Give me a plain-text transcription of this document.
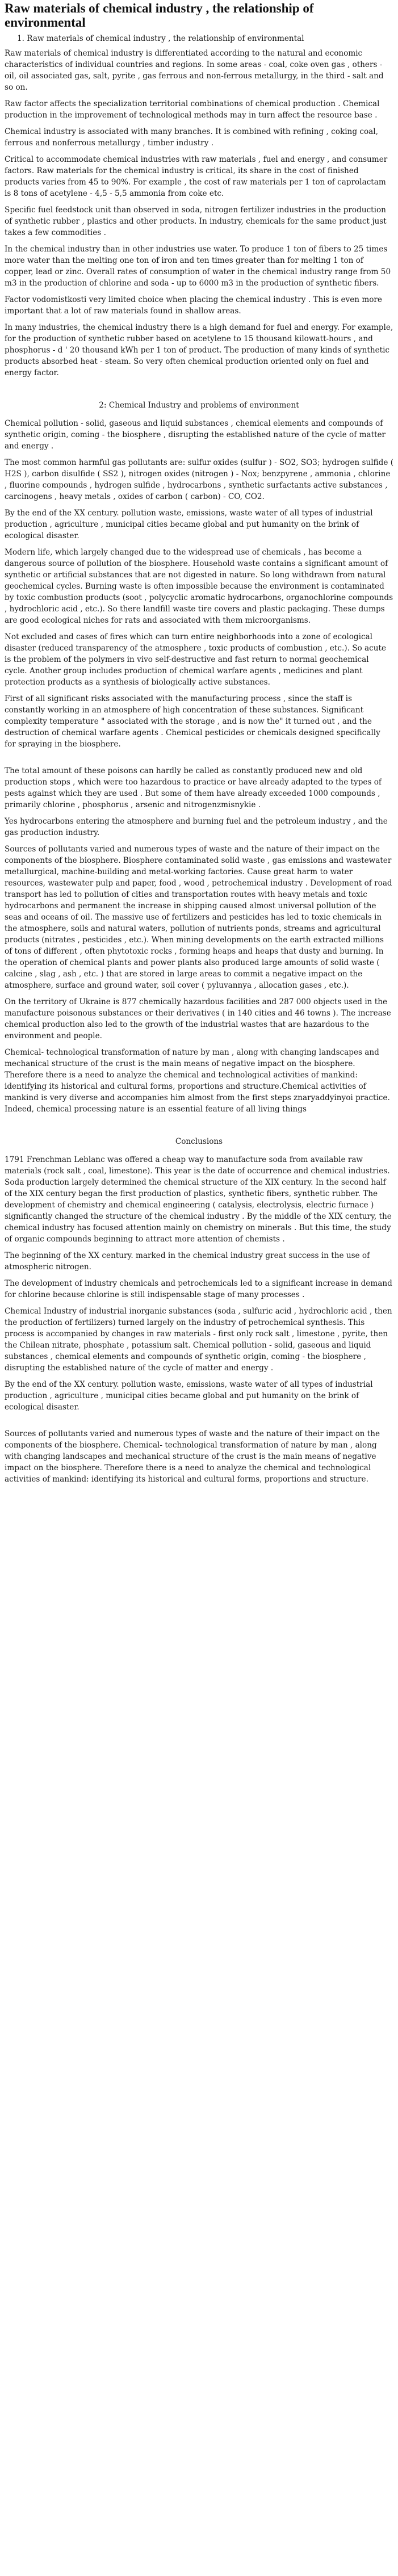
Raw materials of chemical industry , the relationship of environmental
1. Raw materials of chemical industry , the relationship of environmental

Raw materials of chemical industry is differentiated according to the natural and economic characteristics of individual countries and regions. In some areas - coal, coke oven gas , others - oil, oil associated gas, salt, pyrite , gas ferrous and non-ferrous metallurgy, in the third - salt and so on.

Raw factor affects the specialization territorial combinations of chemical production . Chemical production in the improvement of technological methods may in turn affect the resource base .

Chemical industry is associated with many branches. It is combined with refining , coking coal, ferrous and nonferrous metallurgy , timber industry .

Critical to accommodate chemical industries with raw materials , fuel and energy , and consumer factors. Raw materials for the chemical industry is critical, its share in the cost of finished products varies from 45 to 90%. For example , the cost of raw materials per 1 ton of caprolactam is 8 tons of acetylene - 4,5 - 5,5 ammonia from coke etc.

Specific fuel feedstock unit than observed in soda, nitrogen fertilizer industries in the production of synthetic rubber , plastics and other products. In industry, chemicals for the same product just takes a few commodities .

In the chemical industry than in other industries use water. To produce 1 ton of fibers to 25 times more water than the melting one ton of iron and ten times greater than for melting 1 ton of copper, lead or zinc. Overall rates of consumption of water in the chemical industry range from 50 m3 in the production of chlorine and soda - up to 6000 m3 in the production of synthetic fibers.

Factor vodomistkosti very limited choice when placing the chemical industry . This is even more important that a lot of raw materials found in shallow areas.

In many industries, the chemical industry there is a high demand for fuel and energy. For example, for the production of synthetic rubber based on acetylene to 15 thousand kilowatt-hours , and phosphorus - d ' 20 thousand kWh per 1 ton of product. The production of many kinds of synthetic products absorbed heat - steam. So very often chemical production oriented only on fuel and energy factor.

2: Chemical Industry and problems of environment

Chemical pollution - solid, gaseous and liquid substances , chemical elements and compounds of synthetic origin, coming - the biosphere , disrupting the established nature of the cycle of matter and energy .

The most common harmful gas pollutants are: sulfur oxides (sulfur ) - SO2, SO3; hydrogen sulfide ( H2S ), carbon disulfide ( SS2 ), nitrogen oxides (nitrogen ) - Nox; benzpyrene , ammonia , chlorine , fluorine compounds , hydrogen sulfide , hydrocarbons , synthetic surfactants active substances , carcinogens , heavy metals , oxides of carbon ( carbon) - CO, CO2.

By the end of the XX century. pollution waste, emissions, waste water of all types of industrial production , agriculture , municipal cities became global and put humanity on the brink of ecological disaster.

Modern life, which largely changed due to the widespread use of chemicals , has become a dangerous source of pollution of the biosphere. Household waste contains a significant amount of synthetic or artificial substances that are not digested in nature. So long withdrawn from natural geochemical cycles. Burning waste is often impossible because the environment is contaminated by toxic combustion products (soot , polycyclic aromatic hydrocarbons, organochlorine compounds , hydrochloric acid , etc.). So there landfill waste tire covers and plastic packaging. These dumps are good ecological niches for rats and associated with them microorganisms.

Not excluded and cases of fires which can turn entire neighborhoods into a zone of ecological disaster (reduced transparency of the atmosphere , toxic products of combustion , etc.). So acute is the problem of the polymers in vivo self-destructive and fast return to normal geochemical cycle. Another group includes production of chemical warfare agents , medicines and plant protection products as a synthesis of biologically active substances.

First of all significant risks associated with the manufacturing process , since the staff is constantly working in an atmosphere of high concentration of these substances. Significant complexity temperature " associated with the storage , and is now the" it turned out , and the destruction of chemical warfare agents . Chemical pesticides or chemicals designed specifically for spraying in the biosphere.

The total amount of these poisons can hardly be called as constantly produced new and old production stops , which were too hazardous to practice or have already adapted to the types of pests against which they are used . But some of them have already exceeded 1000 compounds , primarily chlorine , phosphorus , arsenic and nitrogenzmisnykie .

Yes hydrocarbons entering the atmosphere and burning fuel and the petroleum industry , and the gas production industry.

Sources of pollutants varied and numerous types of waste and the nature of their impact on the components of the biosphere. Biosphere contaminated solid waste , gas emissions and wastewater metallurgical, machine-building and metal-working factories. Cause great harm to water resources, wastewater pulp and paper, food , wood , petrochemical industry . Development of road transport has led to pollution of cities and transportation routes with heavy metals and toxic hydrocarbons and permanent the increase in shipping caused almost universal pollution of the seas and oceans of oil. The massive use of fertilizers and pesticides has led to toxic chemicals in the atmosphere, soils and natural waters, pollution of nutrients ponds, streams and agricultural products (nitrates , pesticides , etc.). When mining developments on the earth extracted millions of tons of different , often phytotoxic rocks , forming heaps and heaps that dusty and burning. In the operation of chemical plants and power plants also produced large amounts of solid waste ( calcine , slag , ash , etc. ) that are stored in large areas to commit a negative impact on the atmosphere, surface and ground water, soil cover ( pyluvannya , allocation gases , etc.).

On the territory of Ukraine is 877 chemically hazardous facilities and 287 000 objects used in the manufacture poisonous substances or their derivatives ( in 140 cities and 46 towns ). The increase chemical production also led to the growth of the industrial wastes that are hazardous to the environment and people.

Chemical- technological transformation of nature by man , along with changing landscapes and mechanical structure of the crust is the main means of negative impact on the biosphere. Therefore there is a need to analyze the chemical and technological activities of mankind: identifying its historical and cultural forms, proportions and structure.Chemical activities of mankind is very diverse and accompanies him almost from the first steps znaryaddyinyoi practice. Indeed, chemical processing nature is an essential feature of all living things

Conclusions

1791 Frenchman Leblanc was offered a cheap way to manufacture soda from available raw materials (rock salt , coal, limestone). This year is the date of occurrence and chemical industries. Soda production largely determined the chemical structure of the XIX century. In the second half of the XIX century began the first production of plastics, synthetic fibers, synthetic rubber. The development of chemistry and chemical engineering ( catalysis, electrolysis, electric furnace ) significantly changed the structure of the chemical industry . By the middle of the XIX century, the chemical industry has focused attention mainly on chemistry on minerals . But this time, the study of organic compounds beginning to attract more attention of chemists .

The beginning of the XX century. marked in the chemical industry great success in the use of atmospheric nitrogen.

The development of industry chemicals and petrochemicals led to a significant increase in demand for chlorine because chlorine is still indispensable stage of many processes .

Chemical Industry of industrial inorganic substances (soda , sulfuric acid , hydrochloric acid , then the production of fertilizers) turned largely on the industry of petrochemical synthesis. This process is accompanied by changes in raw materials - first only rock salt , limestone , pyrite, then the Chilean nitrate, phosphate , potassium salt. Chemical pollution - solid, gaseous and liquid substances , chemical elements and compounds of synthetic origin, coming - the biosphere , disrupting the established nature of the cycle of matter and energy .

By the end of the XX century. pollution waste, emissions, waste water of all types of industrial production , agriculture , municipal cities became global and put humanity on the brink of ecological disaster.

Sources of pollutants varied and numerous types of waste and the nature of their impact on the components of the biosphere. Chemical- technological transformation of nature by man , along with changing landscapes and mechanical structure of the crust is the main means of negative impact on the biosphere. Therefore there is a need to analyze the chemical and technological activities of mankind: identifying its historical and cultural forms, proportions and structure.
